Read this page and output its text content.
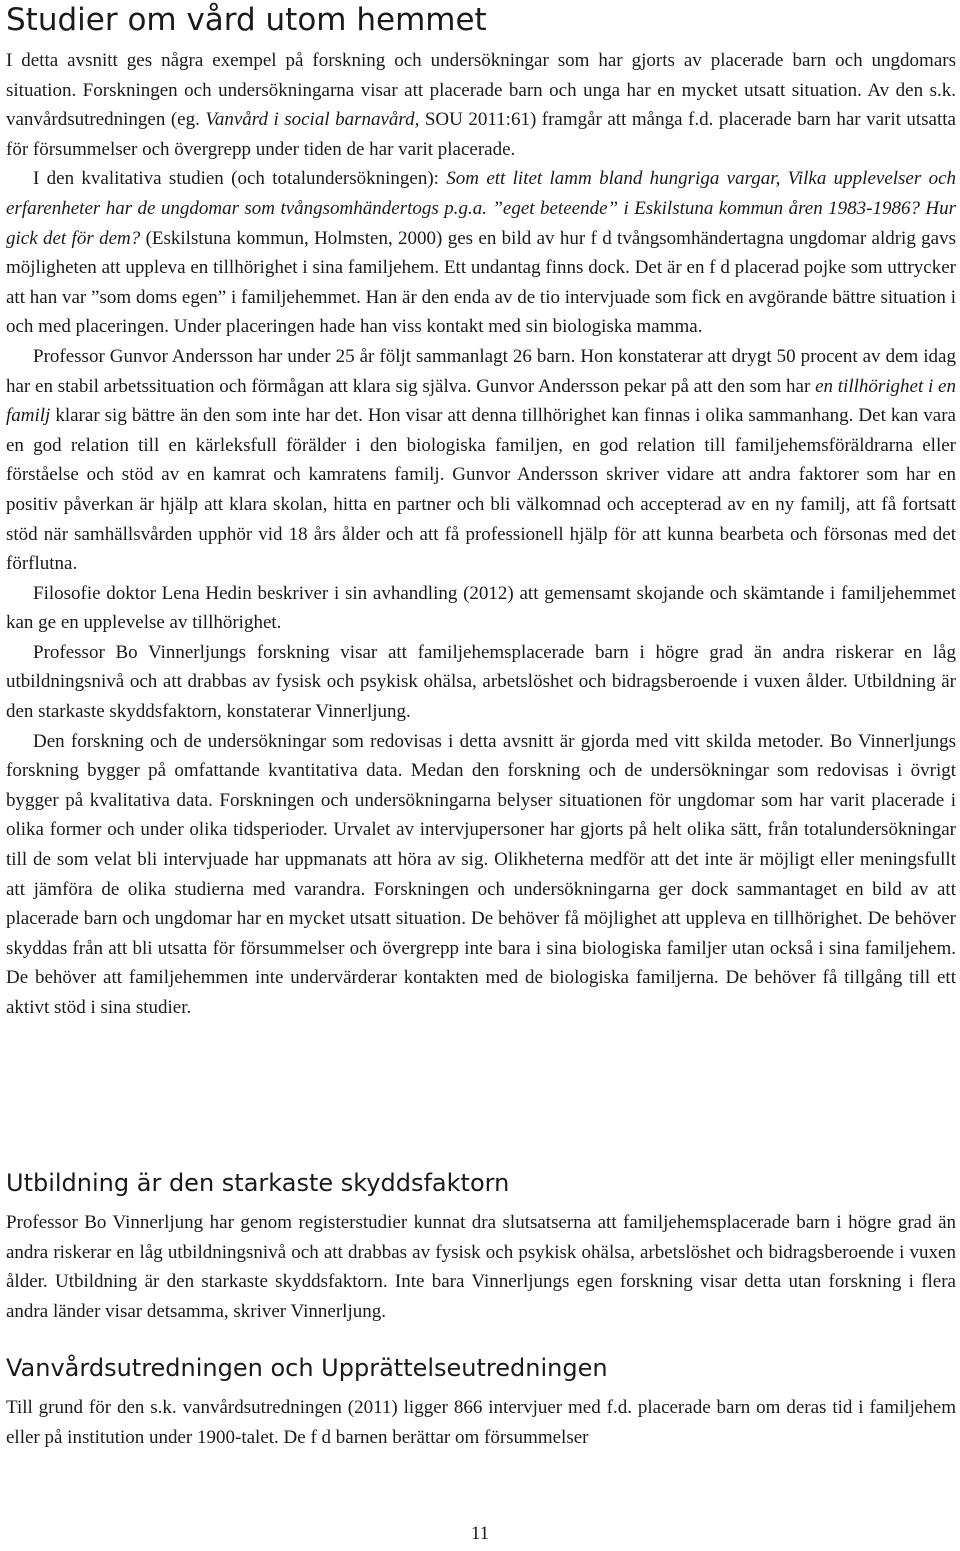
Studier om vård utom hemmet

I detta avsnitt ges några exempel på forskning och undersökningar som har gjorts av placerade barn och ungdomars situation. Forskningen och undersökningarna visar att placerade barn och unga har en mycket utsatt situation. Av den s.k. vanvårdsutredningen (eg. Vanvård i social barnavård, SOU 2011:61) framgår att många f.d. placerade barn har varit utsatta för försummelser och övergrepp under tiden de har varit placerade.

I den kvalitativa studien (och totalundersökningen): Som ett litet lamm bland hungriga vargar, Vilka upplevelser och erfarenheter har de ungdomar som tvångsomhändertogs p.g.a. ”eget beteende” i Eskilstuna kommun åren 1983-1986? Hur gick det för dem? (Eskilstuna kommun, Holmsten, 2000) ges en bild av hur f d tvångsomhändertagna ungdomar aldrig gavs möjligheten att uppleva en tillhörighet i sina familjehem. Ett undantag finns dock. Det är en f d placerad pojke som uttrycker att han var ”som doms egen” i familjehemmet. Han är den enda av de tio intervjuade som fick en avgörande bättre situation i och med placeringen. Under placeringen hade han viss kontakt med sin biologiska mamma.

Professor Gunvor Andersson har under 25 år följt sammanlagt 26 barn. Hon konstaterar att drygt 50 procent av dem idag har en stabil arbetssituation och förmågan att klara sig själva. Gunvor Andersson pekar på att den som har en tillhörighet i en familj klarar sig bättre än den som inte har det. Hon visar att denna tillhörighet kan finnas i olika sammanhang. Det kan vara en god relation till en kärleksfull förälder i den biologiska familjen, en god relation till familjehemsföräldrarna eller förståelse och stöd av en kamrat och kamratens familj. Gunvor Andersson skriver vidare att andra faktorer som har en positiv påverkan är hjälp att klara skolan, hitta en partner och bli välkomnad och accepterad av en ny familj, att få fortsatt stöd när samhällsvården upphör vid 18 års ålder och att få professionell hjälp för att kunna bearbeta och försonas med det förflutna.

Filosofie doktor Lena Hedin beskriver i sin avhandling (2012) att gemensamt skojande och skämtande i familjehemmet kan ge en upplevelse av tillhörighet.

Professor Bo Vinnerljungs forskning visar att familjehemsplacerade barn i högre grad än andra riskerar en låg utbildningsnivå och att drabbas av fysisk och psykisk ohälsa, arbetslöshet och bidragsberoende i vuxen ålder. Utbildning är den starkaste skyddsfaktorn, konstaterar Vinnerljung.

Den forskning och de undersökningar som redovisas i detta avsnitt är gjorda med vitt skilda metoder. Bo Vinnerljungs forskning bygger på omfattande kvantitativa data. Medan den forskning och de undersökningar som redovisas i övrigt bygger på kvalitativa data. Forskningen och undersökningarna belyser situationen för ungdomar som har varit placerade i olika former och under olika tidsperioder. Urvalet av intervjupersoner har gjorts på helt olika sätt, från totalundersökningar till de som velat bli intervjuade har uppmanats att höra av sig. Olikheterna medför att det inte är möjligt eller meningsfullt att jämföra de olika studierna med varandra. Forskningen och undersökningarna ger dock sammantaget en bild av att placerade barn och ungdomar har en mycket utsatt situation. De behöver få möjlighet att uppleva en tillhörighet. De behöver skyddas från att bli utsatta för försummelser och övergrepp inte bara i sina biologiska familjer utan också i sina familjehem. De behöver att familjehemmen inte undervärderar kontakten med de biologiska familjerna. De behöver få tillgång till ett aktivt stöd i sina studier.

Utbildning är den starkaste skyddsfaktorn

Professor Bo Vinnerljung har genom registerstudier kunnat dra slutsatserna att familjehemsplacerade barn i högre grad än andra riskerar en låg utbildningsnivå och att drabbas av fysisk och psykisk ohälsa, arbetslöshet och bidragsberoende i vuxen ålder. Utbildning är den starkaste skyddsfaktorn. Inte bara Vinnerljungs egen forskning visar detta utan forskning i flera andra länder visar detsamma, skriver Vinnerljung.

Vanvårdsutredningen och Upprättelseutredningen

Till grund för den s.k. vanvårdsutredningen (2011) ligger 866 intervjuer med f.d. placerade barn om deras tid i familjehem eller på institution under 1900-talet. De f d barnen berättar om försummelser

11
